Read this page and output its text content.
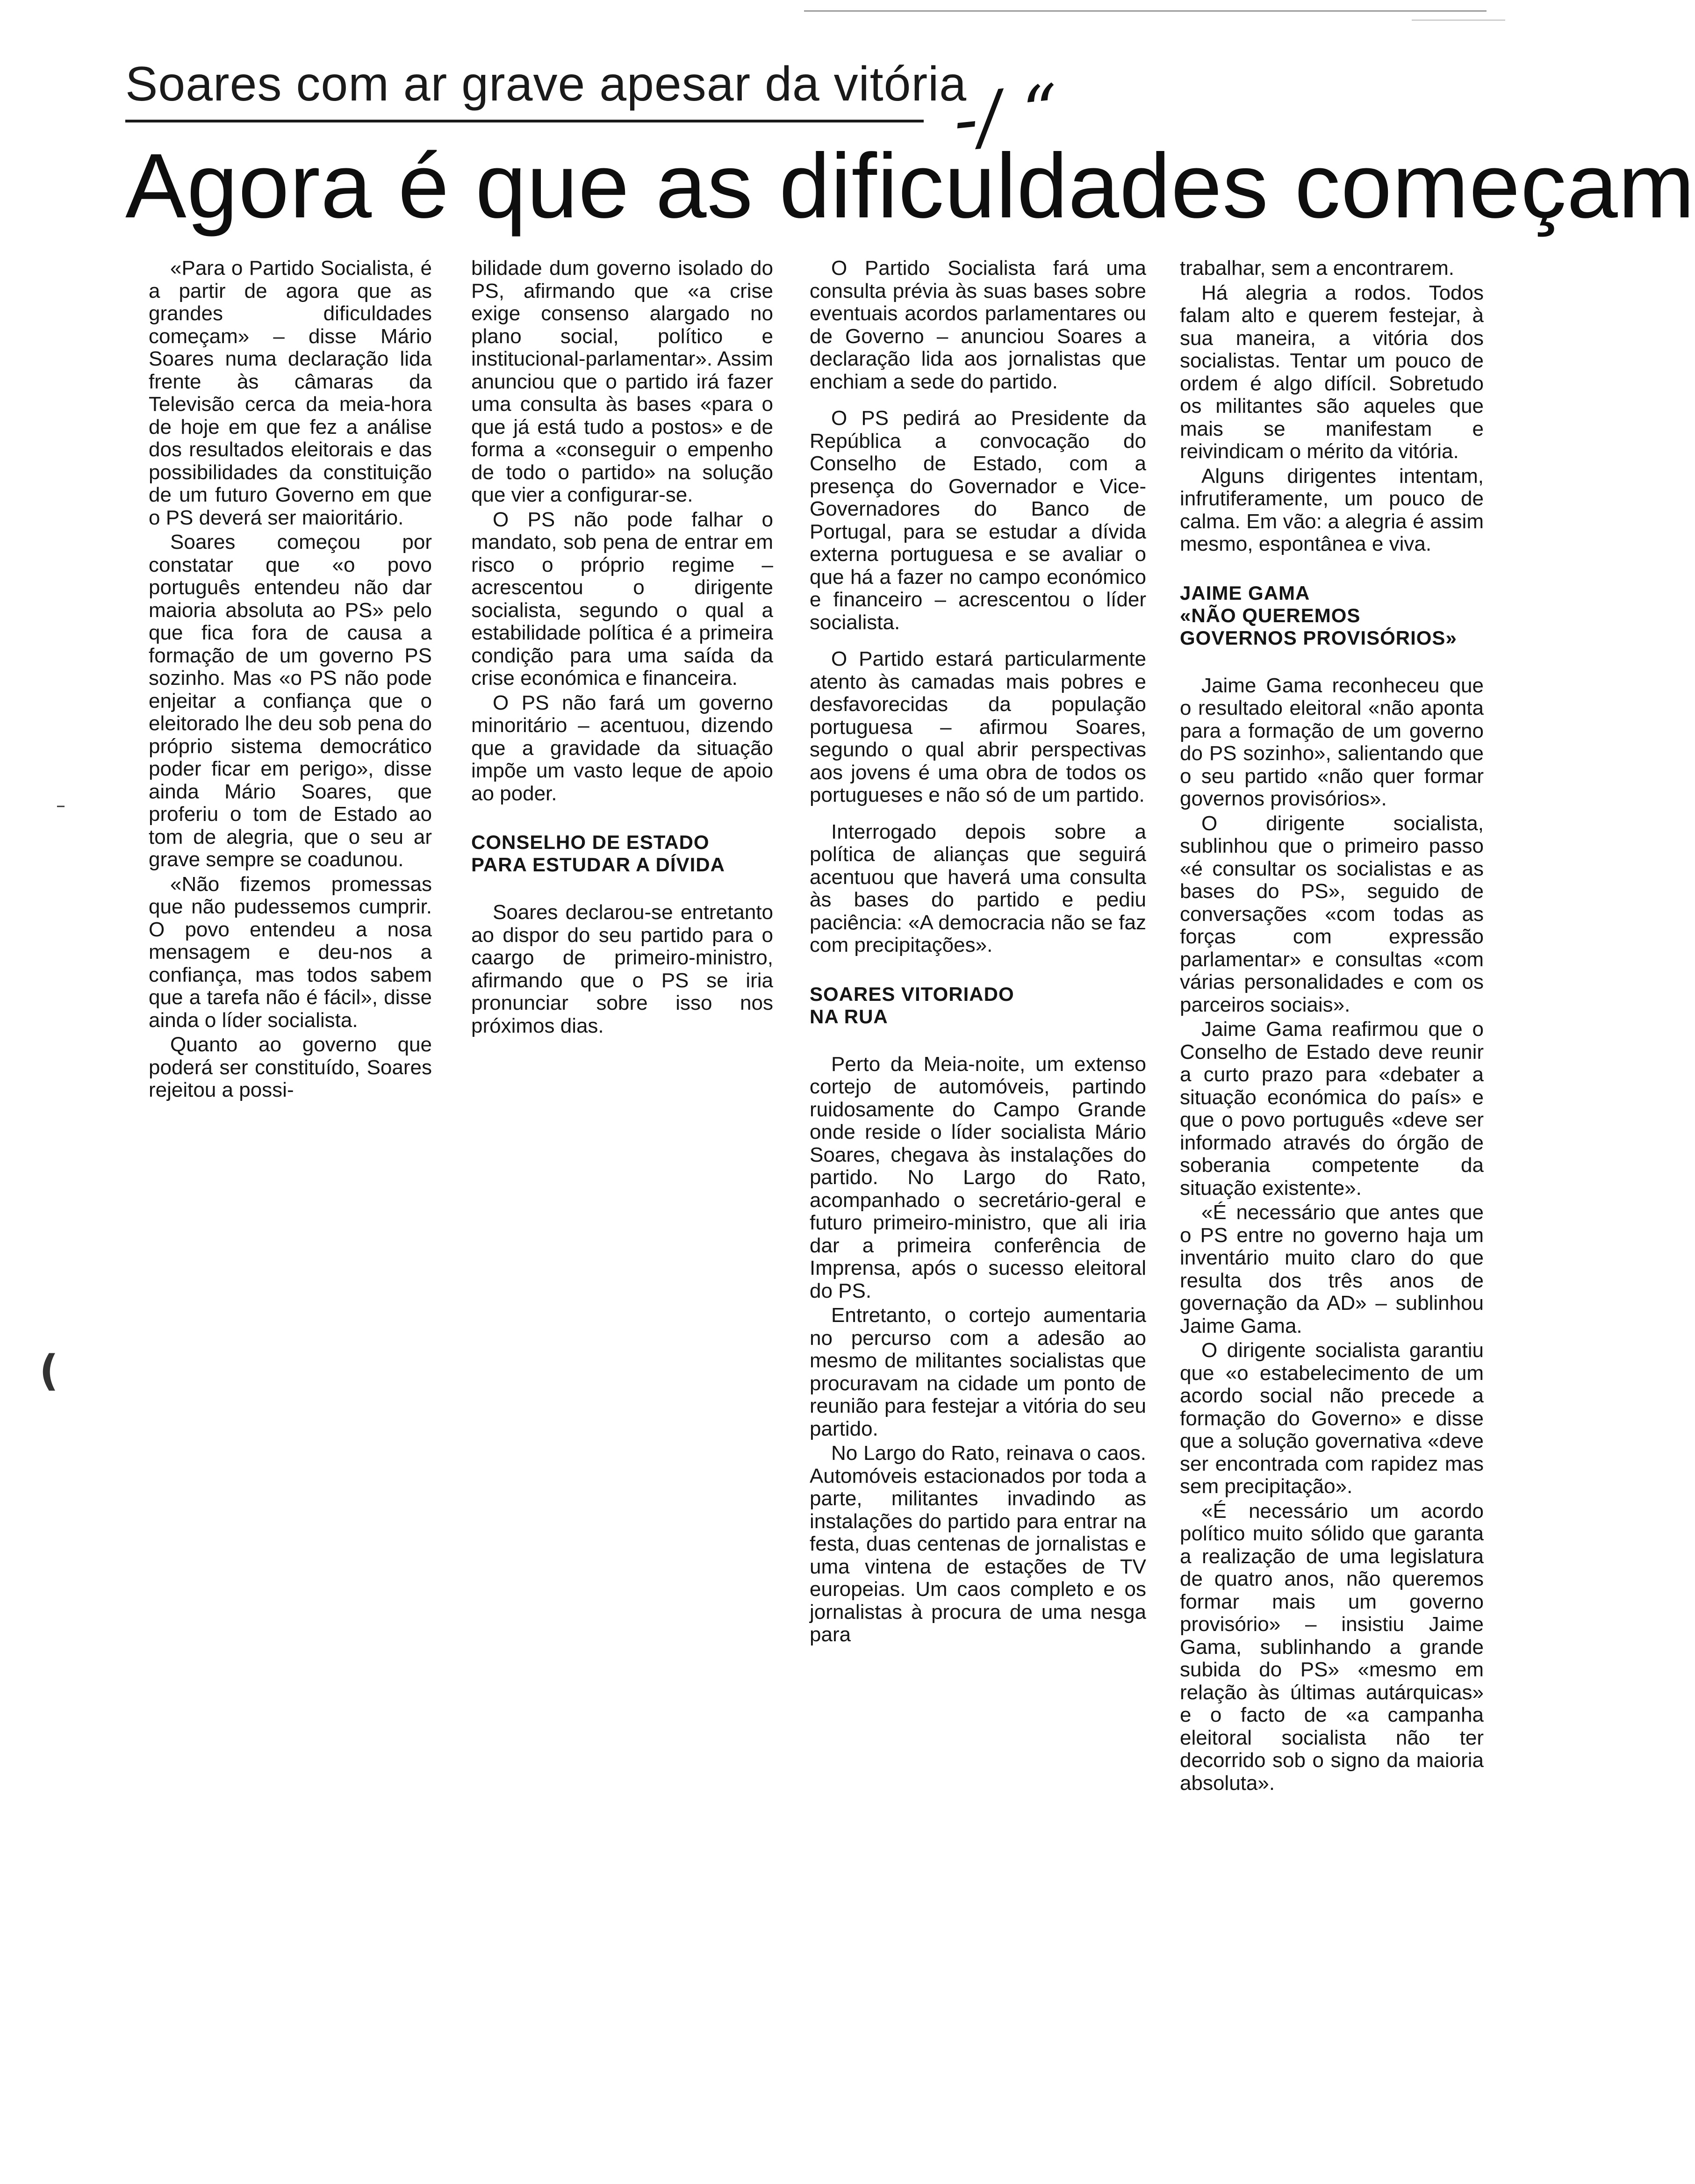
Soares com ar grave apesar da vitória
-/ “
Agora é que as dificuldades começam

«Para o Partido Socialista, é a partir de agora que as grandes dificuldades começam» – disse Mário Soares numa declaração lida frente às câmaras da Televisão cerca da meia-hora de hoje em que fez a análise dos resultados eleitorais e das possibilidades da constituição de um futuro Governo em que o PS deverá ser maioritário.

Soares começou por constatar que «o povo português entendeu não dar maioria absoluta ao PS» pelo que fica fora de causa a formação de um governo PS sozinho. Mas «o PS não pode enjeitar a confiança que o eleitorado lhe deu sob pena do próprio sistema democrático poder ficar em perigo», disse ainda Mário Soares, que proferiu o tom de Estado ao tom de alegria, que o seu ar grave sempre se coadunou.

«Não fizemos promessas que não pudessemos cumprir. O povo entendeu a nosa mensagem e deu-nos a confiança, mas todos sabem que a tarefa não é fácil», disse ainda o líder socialista.

Quanto ao governo que poderá ser constituído, Soares rejeitou a possi-

bilidade dum governo isolado do PS, afirmando que «a crise exige consenso alargado no plano social, político e institucional-parlamentar». Assim anunciou que o partido irá fazer uma consulta às bases «para o que já está tudo a postos» e de forma a «conseguir o empenho de todo o partido» na solução que vier a configurar-se.

O PS não pode falhar o mandato, sob pena de entrar em risco o próprio regime – acrescentou o dirigente socialista, segundo o qual a estabilidade política é a primeira condição para uma saída da crise económica e financeira.

O PS não fará um governo minoritário – acentuou, dizendo que a gravidade da situação impõe um vasto leque de apoio ao poder.

CONSELHO DE ESTADO
PARA ESTUDAR A DÍVIDA

Soares declarou-se entretanto ao dispor do seu partido para o caargo de primeiro-ministro, afirmando que o PS se iria pronunciar sobre isso nos próximos dias.

O Partido Socialista fará uma consulta prévia às suas bases sobre eventuais acordos parlamentares ou de Governo – anunciou Soares a declaração lida aos jornalistas que enchiam a sede do partido.

O PS pedirá ao Presidente da República a convocação do Conselho de Estado, com a presença do Governador e Vice-Governadores do Banco de Portugal, para se estudar a dívida externa portuguesa e se avaliar o que há a fazer no campo económico e financeiro – acrescentou o líder socialista.

O Partido estará particularmente atento às camadas mais pobres e desfavorecidas da população portuguesa – afirmou Soares, segundo o qual abrir perspectivas aos jovens é uma obra de todos os portugueses e não só de um partido.

Interrogado depois sobre a política de alianças que seguirá acentuou que haverá uma consulta às bases do partido e pediu paciência: «A democracia não se faz com precipitações».

SOARES VITORIADO
NA RUA

Perto da Meia-noite, um extenso cortejo de automóveis, partindo ruidosamente do Campo Grande onde reside o líder socialista Mário Soares, chegava às instalações do partido. No Largo do Rato, acompanhado o secretário-geral e futuro primeiro-ministro, que ali iria dar a primeira conferência de Imprensa, após o sucesso eleitoral do PS.

Entretanto, o cortejo aumentaria no percurso com a adesão ao mesmo de militantes socialistas que procuravam na cidade um ponto de reunião para festejar a vitória do seu partido.

No Largo do Rato, reinava o caos. Automóveis estacionados por toda a parte, militantes invadindo as instalações do partido para entrar na festa, duas centenas de jornalistas e uma vintena de estações de TV europeias. Um caos completo e os jornalistas à procura de uma nesga para

trabalhar, sem a encontrarem.

Há alegria a rodos. Todos falam alto e querem festejar, à sua maneira, a vitória dos socialistas. Tentar um pouco de ordem é algo difícil. Sobretudo os militantes são aqueles que mais se manifestam e reivindicam o mérito da vitória.

Alguns dirigentes intentam, infrutiferamente, um pouco de calma. Em vão: a alegria é assim mesmo, espontânea e viva.

JAIME GAMA
«NÃO QUEREMOS
GOVERNOS PROVISÓRIOS»

Jaime Gama reconheceu que o resultado eleitoral «não aponta para a formação de um governo do PS sozinho», salientando que o seu partido «não quer formar governos provisórios».

O dirigente socialista, sublinhou que o primeiro passo «é consultar os socialistas e as bases do PS», seguido de conversações «com todas as forças com expressão parlamentar» e consultas «com várias personalidades e com os parceiros sociais».

Jaime Gama reafirmou que o Conselho de Estado deve reunir a curto prazo para «debater a situação económica do país» e que o povo português «deve ser informado através do órgão de soberania competente da situação existente».

«É necessário que antes que o PS entre no governo haja um inventário muito claro do que resulta dos três anos de governação da AD» – sublinhou Jaime Gama.

O dirigente socialista garantiu que «o estabelecimento de um acordo social não precede a formação do Governo» e disse que a solução governativa «deve ser encontrada com rapidez mas sem precipitação».

«É necessário um acordo político muito sólido que garanta a realização de uma legislatura de quatro anos, não queremos formar mais um governo provisório» – insistiu Jaime Gama, sublinhando a grande subida do PS» «mesmo em relação às últimas autárquicas» e o facto de «a campanha eleitoral socialista não ter decorrido sob o signo da maioria absoluta».

(
–
